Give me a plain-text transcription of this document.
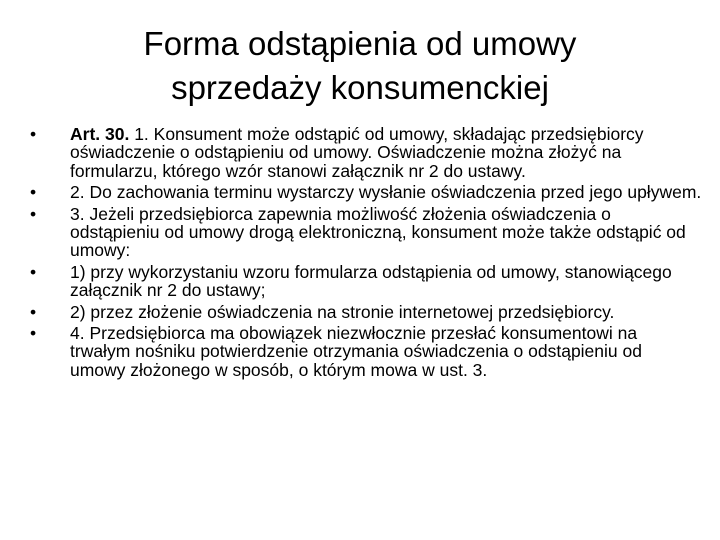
Forma odstąpienia od umowy
sprzedaży konsumenckiej
•	Art. 30. 1. Konsument może odstąpić od umowy, składając przedsiębiorcy oświadczenie o odstąpieniu od umowy. Oświadczenie można złożyć na formularzu, którego wzór stanowi załącznik nr 2 do ustawy.
•	2. Do zachowania terminu wystarczy wysłanie oświadczenia przed jego upływem.
•	3. Jeżeli przedsiębiorca zapewnia możliwość złożenia oświadczenia o odstąpieniu od umowy drogą elektroniczną, konsument może także odstąpić od umowy:
•	1) przy wykorzystaniu wzoru formularza odstąpienia od umowy, stanowiącego załącznik nr 2 do ustawy;
•	2) przez złożenie oświadczenia na stronie internetowej przedsiębiorcy.
•	4. Przedsiębiorca ma obowiązek niezwłocznie przesłać konsumentowi na trwałym nośniku potwierdzenie otrzymania oświadczenia o odstąpieniu od umowy złożonego w sposób, o którym mowa w ust. 3.
